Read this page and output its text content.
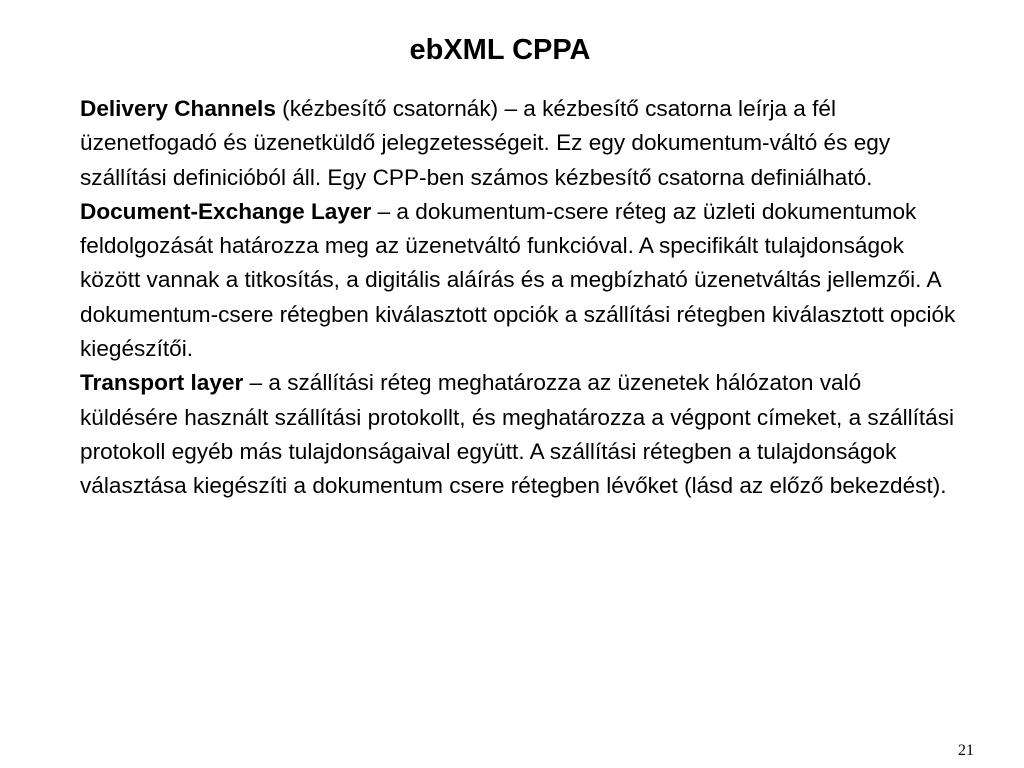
ebXML CPPA

Delivery Channels (kézbesítő csatornák) – a kézbesítő csatorna leírja a fél üzenetfogadó és üzenetküldő jelegzetességeit. Ez egy dokumentum-váltó és egy szállítási definicióból áll. Egy CPP-ben számos kézbesítő csatorna definiálható.

Document-Exchange Layer – a dokumentum-csere réteg az üzleti dokumentumok feldolgozását határozza meg az üzenetváltó funkcióval. A specifikált tulajdonságok között vannak a titkosítás, a digitális aláírás és a megbízható üzenetváltás jellemzői. A dokumentum-csere rétegben kiválasztott opciók a szállítási rétegben kiválasztott opciók kiegészítői.

Transport layer – a szállítási réteg meghatározza az üzenetek hálózaton való küldésére használt szállítási protokollt, és meghatározza a végpont címeket, a szállítási protokoll egyéb más tulajdonságaival együtt. A szállítási rétegben a tulajdonságok választása kiegészíti a dokumentum csere rétegben lévőket (lásd az előző bekezdést).

21
